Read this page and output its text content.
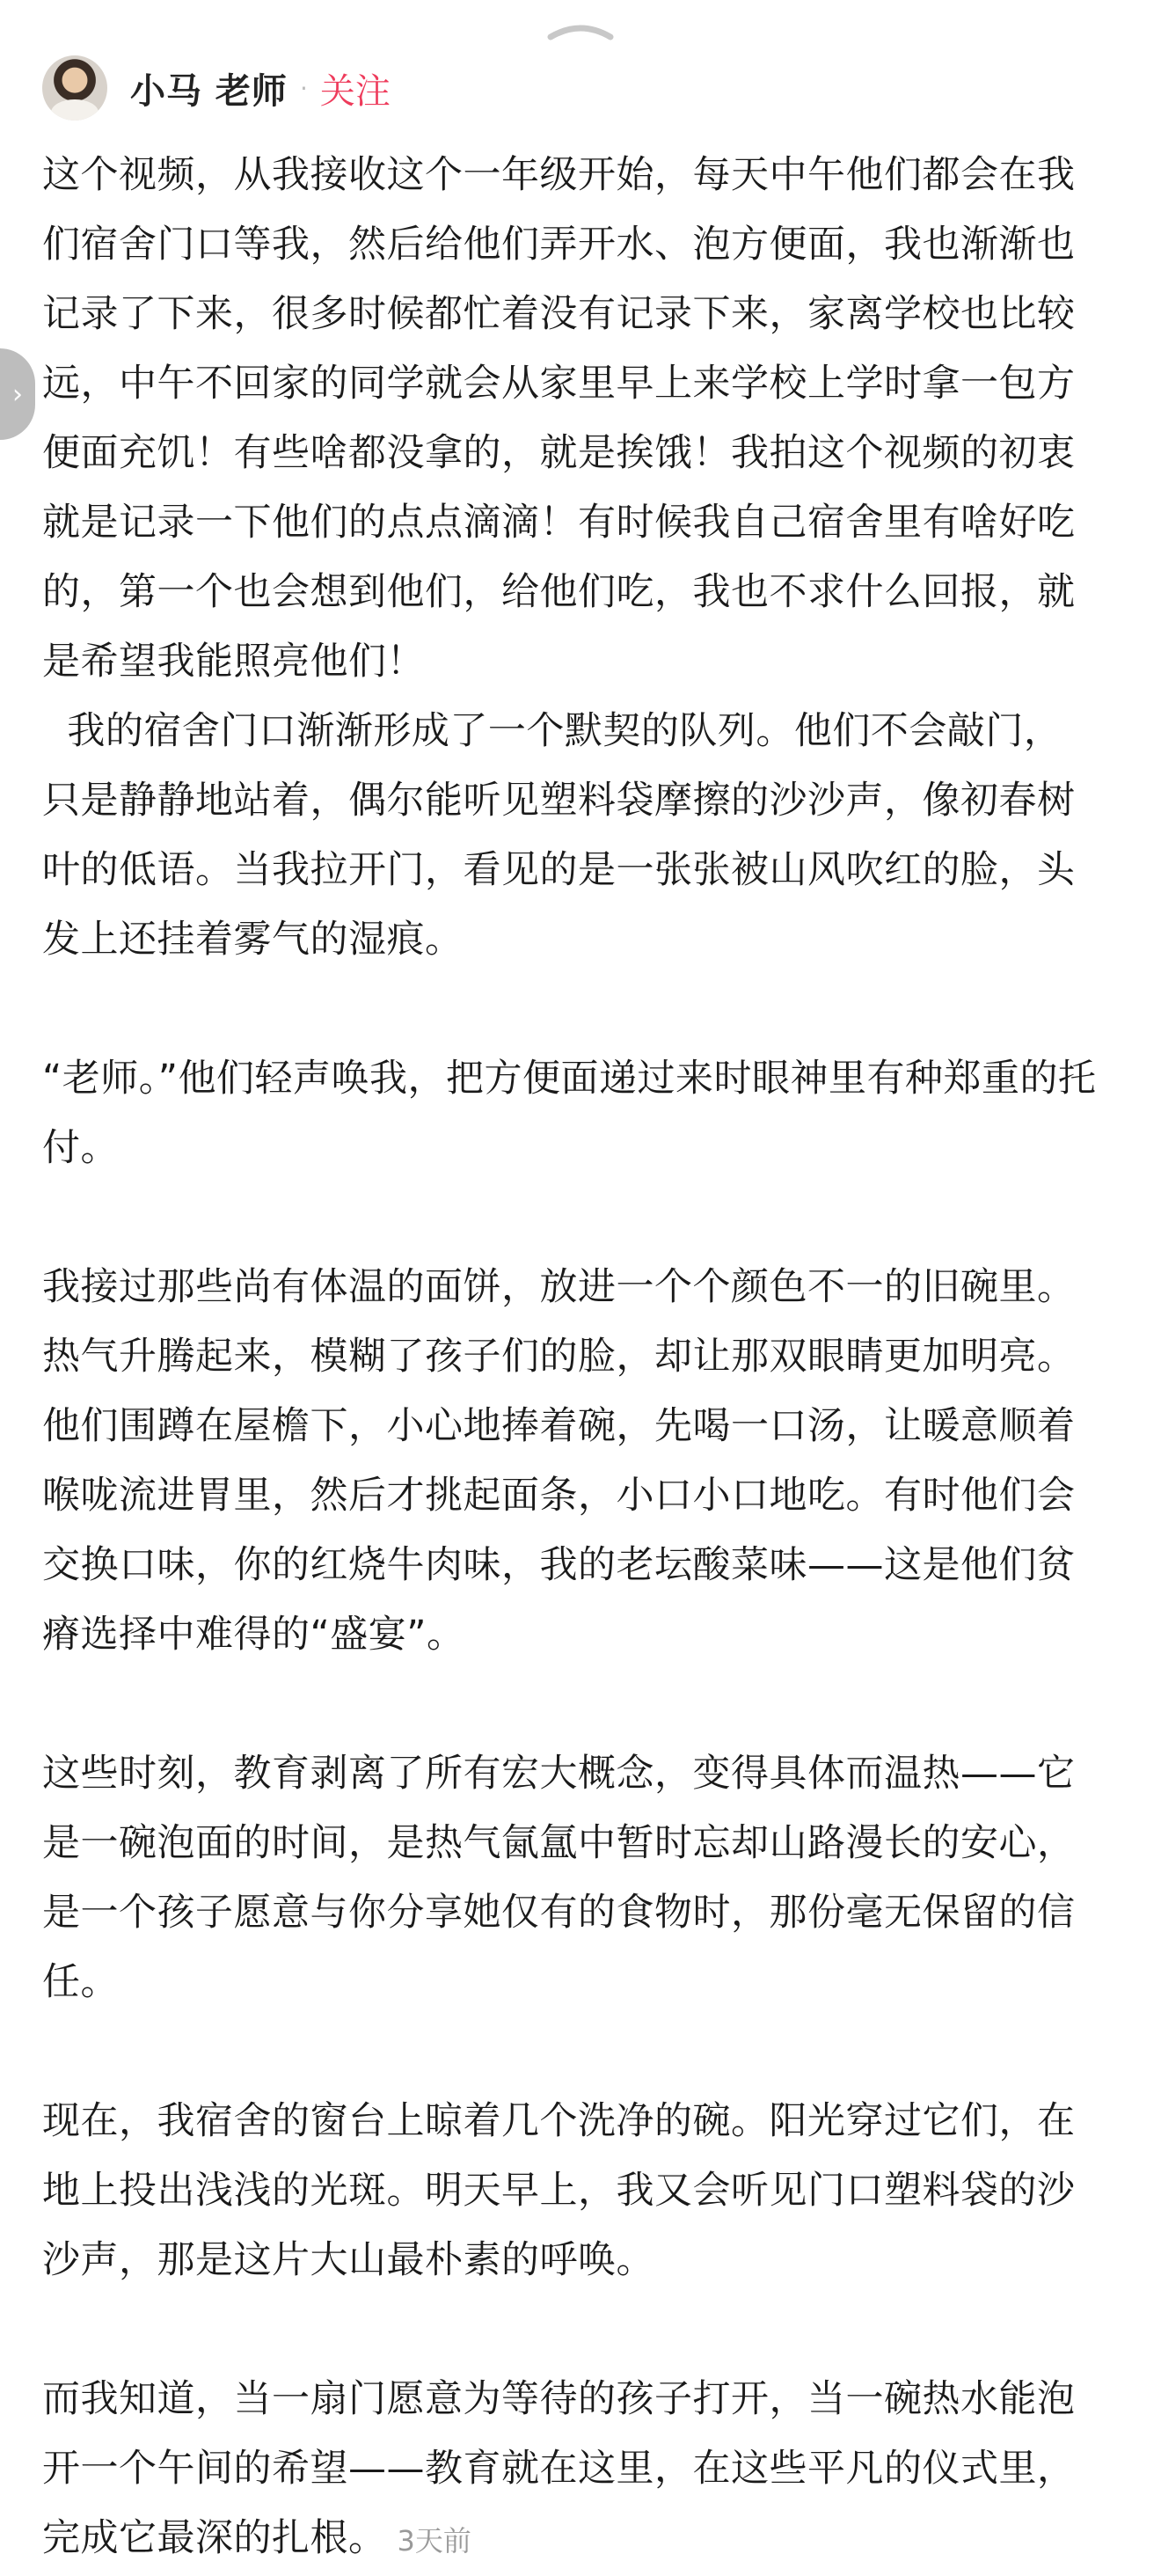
小马 老师 · 关注
›

这个视频，从我接收这个一年级开始，每天中午他们都会在我们宿舍门口等我，然后给他们弄开水、泡方便面，我也渐渐也记录了下来，很多时候都忙着没有记录下来，家离学校也比较远，中午不回家的同学就会从家里早上来学校上学时拿一包方便面充饥！有些啥都没拿的，就是挨饿！我拍这个视频的初衷就是记录一下他们的点点滴滴！有时候我自己宿舍里有啥好吃的，第一个也会想到他们，给他们吃，我也不求什么回报，就是希望我能照亮他们！

我的宿舍门口渐渐形成了一个默契的队列。他们不会敲门，只是静静地站着，偶尔能听见塑料袋摩擦的沙沙声，像初春树叶的低语。当我拉开门，看见的是一张张被山风吹红的脸，头发上还挂着雾气的湿痕。

“老师。”他们轻声唤我，把方便面递过来时眼神里有种郑重的托付。

我接过那些尚有体温的面饼，放进一个个颜色不一的旧碗里。热气升腾起来，模糊了孩子们的脸，却让那双眼睛更加明亮。他们围蹲在屋檐下，小心地捧着碗，先喝一口汤，让暖意顺着喉咙流进胃里，然后才挑起面条，小口小口地吃。有时他们会交换口味，你的红烧牛肉味，我的老坛酸菜味——这是他们贫瘠选择中难得的“盛宴”。

这些时刻，教育剥离了所有宏大概念，变得具体而温热——它是一碗泡面的时间，是热气氤氲中暂时忘却山路漫长的安心，是一个孩子愿意与你分享她仅有的食物时，那份毫无保留的信任。

现在，我宿舍的窗台上晾着几个洗净的碗。阳光穿过它们，在地上投出浅浅的光斑。明天早上，我又会听见门口塑料袋的沙沙声，那是这片大山最朴素的呼唤。

而我知道，当一扇门愿意为等待的孩子打开，当一碗热水能泡开一个午间的希望——教育就在这里，在这些平凡的仪式里，完成它最深的扎根。 3天前
